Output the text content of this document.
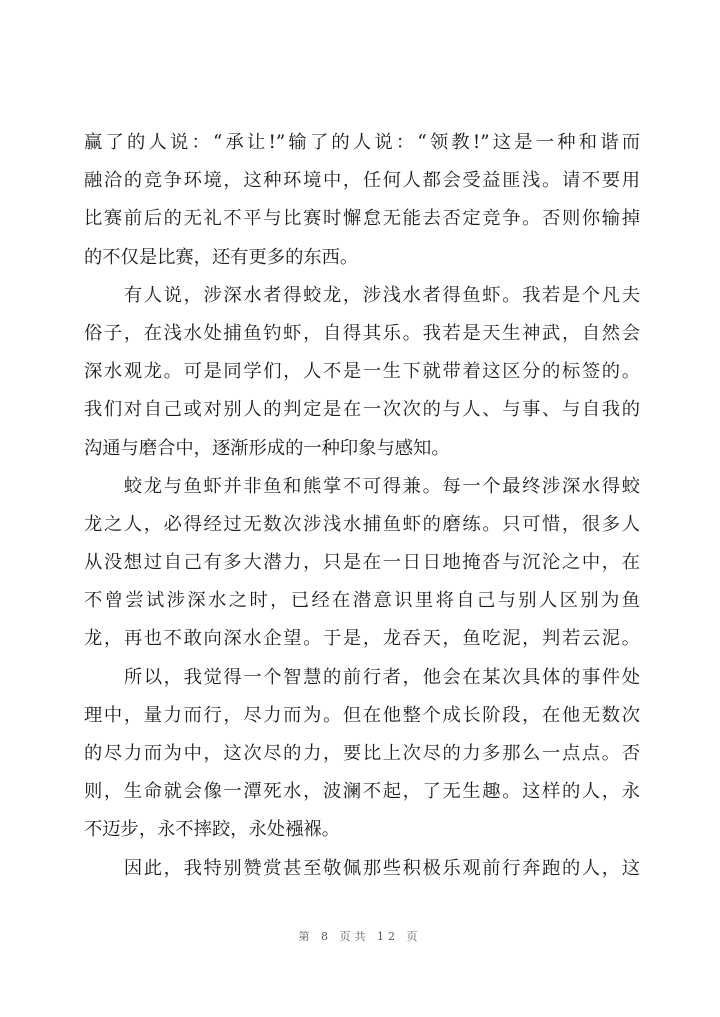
赢了的人说：“承让!”输了的人说：“领教!”这是一种和谐而
融洽的竞争环境，这种环境中，任何人都会受益匪浅。请不要用
比赛前后的无礼不平与比赛时懈怠无能去否定竞争。否则你输掉
的不仅是比赛，还有更多的东西。
　　有人说，涉深水者得蛟龙，涉浅水者得鱼虾。我若是个凡夫
俗子，在浅水处捕鱼钓虾，自得其乐。我若是天生神武，自然会
深水观龙。可是同学们，人不是一生下就带着这区分的标签的。
我们对自己或对别人的判定是在一次次的与人、与事、与自我的
沟通与磨合中，逐渐形成的一种印象与感知。
　　蛟龙与鱼虾并非鱼和熊掌不可得兼。每一个最终涉深水得蛟
龙之人，必得经过无数次涉浅水捕鱼虾的磨练。只可惜，很多人
从没想过自己有多大潜力，只是在一日日地掩沓与沉沦之中，在
不曾尝试涉深水之时，已经在潜意识里将自己与别人区别为鱼
龙，再也不敢向深水企望。于是，龙吞天，鱼吃泥，判若云泥。
　　所以，我觉得一个智慧的前行者，他会在某次具体的事件处
理中，量力而行，尽力而为。但在他整个成长阶段，在他无数次
的尽力而为中，这次尽的力，要比上次尽的力多那么一点点。否
则，生命就会像一潭死水，波澜不起，了无生趣。这样的人，永
不迈步，永不摔跤，永处襁褓。
　　因此，我特别赞赏甚至敬佩那些积极乐观前行奔跑的人，这
第 8 页共 12 页
